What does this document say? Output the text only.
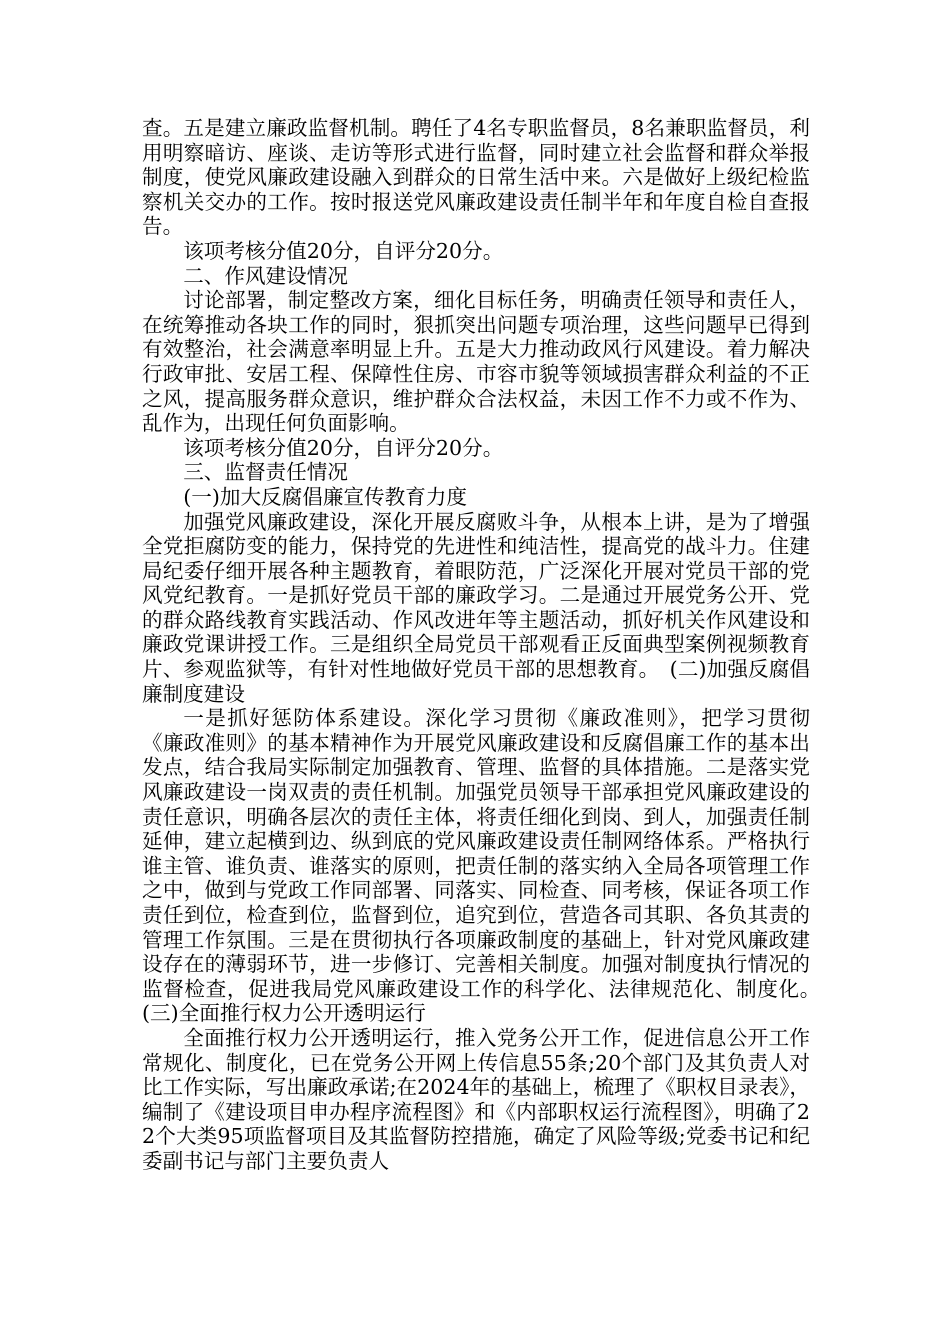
查。五是建立廉政监督机制。聘任了4名专职监督员，8名兼职监督员，利用明察暗访、座谈、走访等形式进行监督，同时建立社会监督和群众举报制度，使党风廉政建设融入到群众的日常生活中来。六是做好上级纪检监察机关交办的工作。按时报送党风廉政建设责任制半年和年度自检自查报告。

该项考核分值20分，自评分20分。

二、作风建设情况

讨论部署，制定整改方案，细化目标任务，明确责任领导和责任人，在统筹推动各块工作的同时，狠抓突出问题专项治理，这些问题早已得到有效整治，社会满意率明显上升。五是大力推动政风行风建设。着力解决行政审批、安居工程、保障性住房、市容市貌等领域损害群众利益的不正之风，提高服务群众意识，维护群众合法权益，未因工作不力或不作为、乱作为，出现任何负面影响。

该项考核分值20分，自评分20分。

三、监督责任情况

(一)加大反腐倡廉宣传教育力度

加强党风廉政建设，深化开展反腐败斗争，从根本上讲，是为了增强全党拒腐防变的能力，保持党的先进性和纯洁性，提高党的战斗力。住建局纪委仔细开展各种主题教育，着眼防范，广泛深化开展对党员干部的党风党纪教育。一是抓好党员干部的廉政学习。二是通过开展党务公开、党的群众路线教育实践活动、作风改进年等主题活动，抓好机关作风建设和廉政党课讲授工作。三是组织全局党员干部观看正反面典型案例视频教育片、参观监狱等，有针对性地做好党员干部的思想教育。　(二)加强反腐倡廉制度建设

一是抓好惩防体系建设。深化学习贯彻《廉政准则》，把学习贯彻《廉政准则》的基本精神作为开展党风廉政建设和反腐倡廉工作的基本出发点，结合我局实际制定加强教育、管理、监督的具体措施。二是落实党风廉政建设一岗双责的责任机制。加强党员领导干部承担党风廉政建设的责任意识，明确各层次的责任主体，将责任细化到岗、到人，加强责任制延伸，建立起横到边、纵到底的党风廉政建设责任制网络体系。严格执行谁主管、谁负责、谁落实的原则，把责任制的落实纳入全局各项管理工作之中，做到与党政工作同部署、同落实、同检查、同考核，保证各项工作责任到位，检查到位，监督到位，追究到位，营造各司其职、各负其责的管理工作氛围。三是在贯彻执行各项廉政制度的基础上，针对党风廉政建设存在的薄弱环节，进一步修订、完善相关制度。加强对制度执行情况的监督检查，促进我局党风廉政建设工作的科学化、法律规范化、制度化。　(三)全面推行权力公开透明运行

全面推行权力公开透明运行，推入党务公开工作，促进信息公开工作常规化、制度化，已在党务公开网上传信息55条;20个部门及其负责人对比工作实际，写出廉政承诺;在2024年的基础上，梳理了《职权目录表》，编制了《建设项目申办程序流程图》和《内部职权运行流程图》，明确了22个大类95项监督项目及其监督防控措施，确定了风险等级;党委书记和纪委副书记与部门主要负责人
